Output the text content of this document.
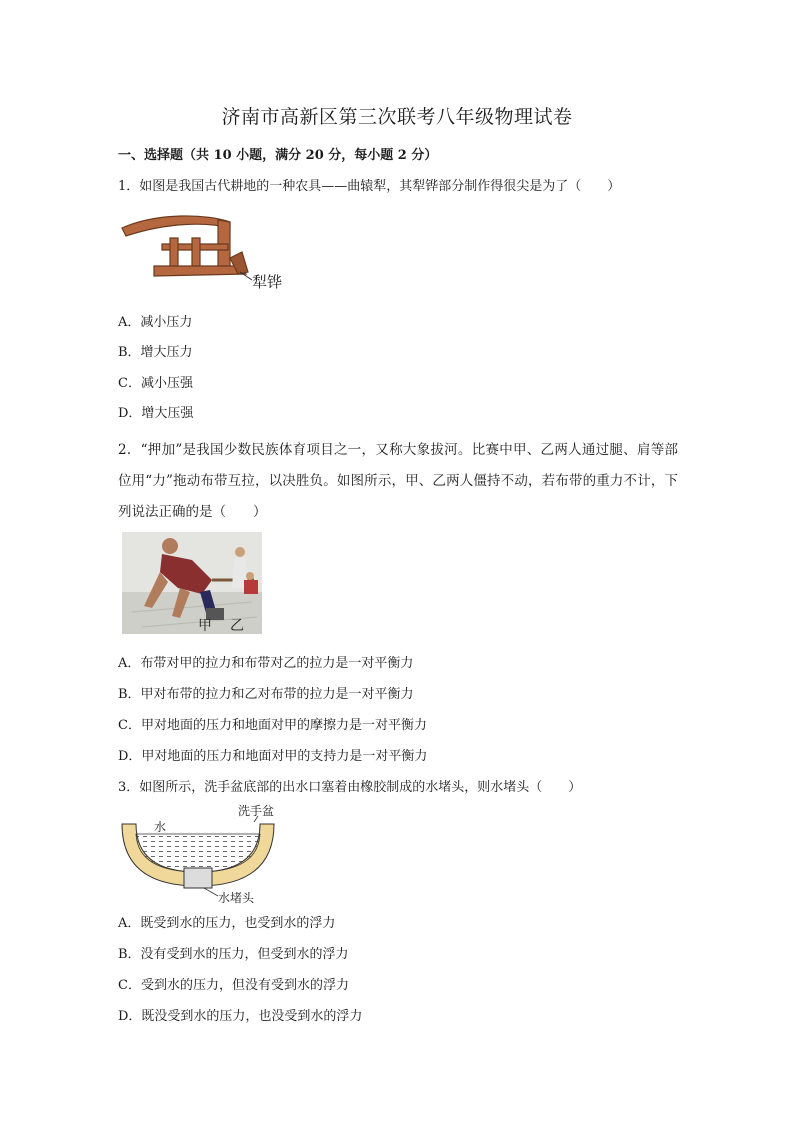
济南市高新区第三次联考八年级物理试卷
一、选择题（共 10 小题，满分 20 分，每小题 2 分）
1．如图是我国古代耕地的一种农具——曲辕犁，其犁铧部分制作得很尖是为了（　　）
犁铧
A．减小压力
B．增大压力
C．减小压强
D．增大压强
2．“押加”是我国少数民族体育项目之一，又称大象拔河。比赛中甲、乙两人通过腿、肩等部位用“力”拖动布带互拉，以决胜负。如图所示，甲、乙两人僵持不动，若布带的重力不计，下列说法正确的是（　　）
甲 乙
A．布带对甲的拉力和布带对乙的拉力是一对平衡力
B．甲对布带的拉力和乙对布带的拉力是一对平衡力
C．甲对地面的压力和地面对甲的摩擦力是一对平衡力
D．甲对地面的压力和地面对甲的支持力是一对平衡力
3．如图所示，洗手盆底部的出水口塞着由橡胶制成的水堵头，则水堵头（　　）
洗手盆
水
水堵头
A．既受到水的压力，也受到水的浮力
B．没有受到水的压力，但受到水的浮力
C．受到水的压力，但没有受到水的浮力
D．既没受到水的压力，也没受到水的浮力
